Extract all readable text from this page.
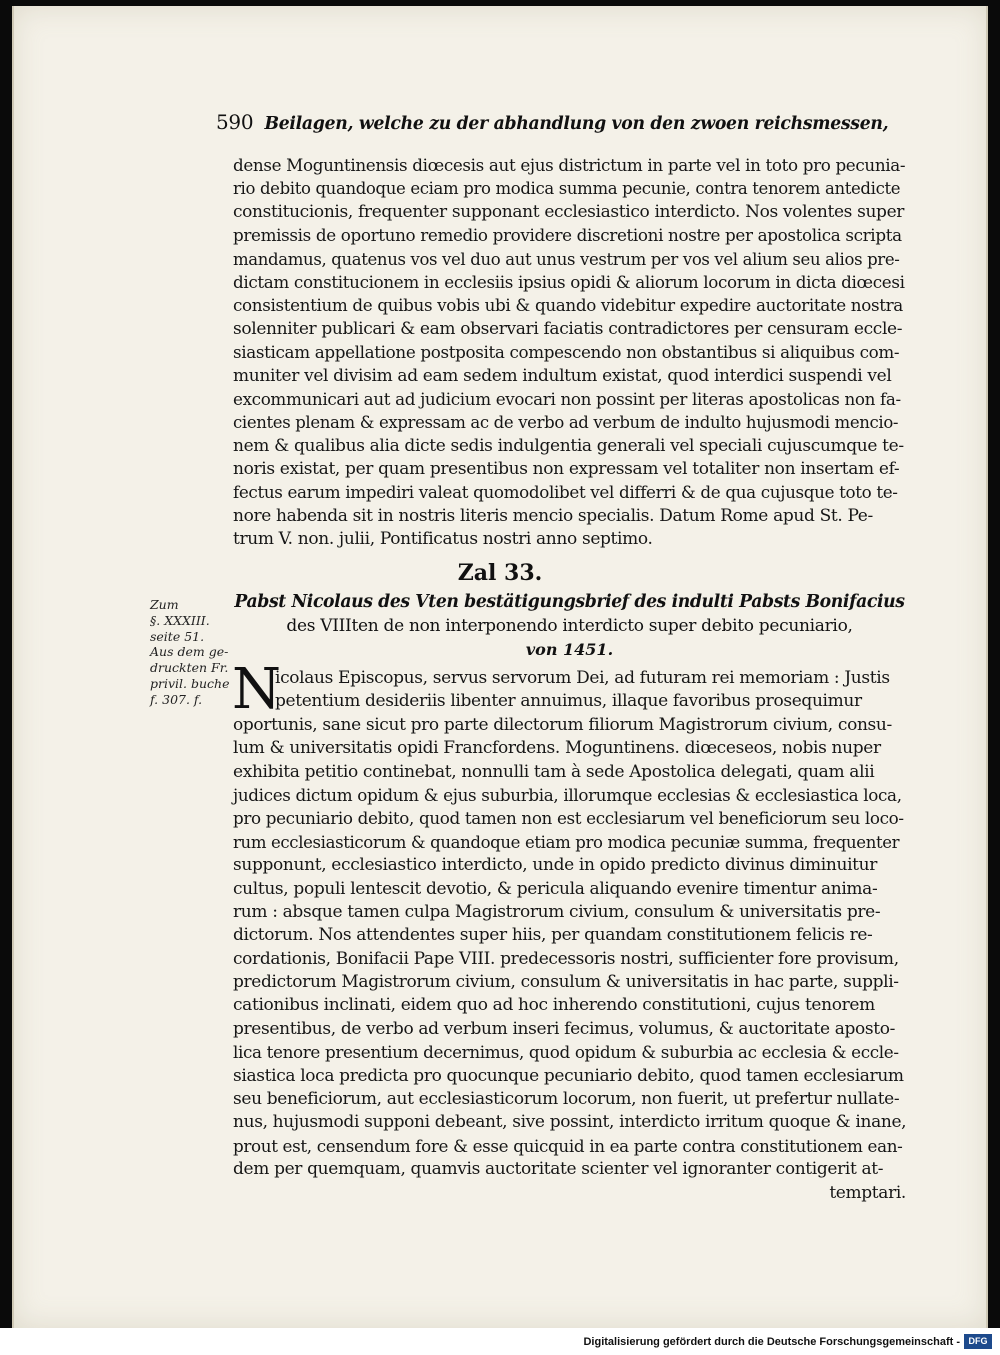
590 Beilagen, welche zu der abhandlung von den zwoen reichsmessen,
dense Moguntinensis diœcesis aut ejus districtum in parte vel in toto pro pecunia-
rio debito quandoque eciam pro modica summa pecunie, contra tenorem antedicte
constitucionis, frequenter supponant ecclesiastico interdicto. Nos volentes super
premissis de oportuno remedio providere discretioni nostre per apostolica scripta
mandamus, quatenus vos vel duo aut unus vestrum per vos vel alium seu alios pre-
dictam constitucionem in ecclesiis ipsius opidi & aliorum locorum in dicta diœcesi
consistentium de quibus vobis ubi & quando videbitur expedire auctoritate nostra
solenniter publicari & eam observari faciatis contradictores per censuram eccle-
siasticam appellatione postposita compescendo non obstantibus si aliquibus com-
muniter vel divisim ad eam sedem indultum existat, quod interdici suspendi vel
excommunicari aut ad judicium evocari non possint per literas apostolicas non fa-
cientes plenam & expressam ac de verbo ad verbum de indulto hujusmodi mencio-
nem & qualibus alia dicte sedis indulgentia generali vel speciali cujuscumque te-
noris existat, per quam presentibus non expressam vel totaliter non insertam ef-
fectus earum impediri valeat quomodolibet vel differri & de qua cujusque toto te-
nore habenda sit in nostris literis mencio specialis. Datum Rome apud St. Pe-
trum V. non. julii, Pontificatus nostri anno septimo.
Zal 33.
Pabst Nicolaus des Vten bestätigungsbrief des indulti Pabsts Bonifacius
des VIIIten de non interponendo interdicto super debito pecuniario,
von 1451.
Zum
§. XXXIII.
seite 51.
Aus dem ge-
druckten Fr.
privil. buche
f. 307. f. N
icolaus Episcopus, servus servorum Dei, ad futuram rei memoriam : Justis
petentium desideriis libenter annuimus, illaque favoribus prosequimur
oportunis, sane sicut pro parte dilectorum filiorum Magistrorum civium, consu-
lum & universitatis opidi Francfordens. Moguntinens. diœceseos, nobis nuper
exhibita petitio continebat, nonnulli tam à sede Apostolica delegati, quam alii
judices dictum opidum & ejus suburbia, illorumque ecclesias & ecclesiastica loca,
pro pecuniario debito, quod tamen non est ecclesiarum vel beneficiorum seu loco-
rum ecclesiasticorum & quandoque etiam pro modica pecuniæ summa, frequenter
supponunt, ecclesiastico interdicto, unde in opido predicto divinus diminuitur
cultus, populi lentescit devotio, & pericula aliquando evenire timentur anima-
rum : absque tamen culpa Magistrorum civium, consulum & universitatis pre-
dictorum. Nos attendentes super hiis, per quandam constitutionem felicis re-
cordationis, Bonifacii Pape VIII. predecessoris nostri, sufficienter fore provisum,
predictorum Magistrorum civium, consulum & universitatis in hac parte, suppli-
cationibus inclinati, eidem quo ad hoc inherendo constitutioni, cujus tenorem
presentibus, de verbo ad verbum inseri fecimus, volumus, & auctoritate aposto-
lica tenore presentium decernimus, quod opidum & suburbia ac ecclesia & eccle-
siastica loca predicta pro quocunque pecuniario debito, quod tamen ecclesiarum
seu beneficiorum, aut ecclesiasticorum locorum, non fuerit, ut prefertur nullate-
nus, hujusmodi supponi debeant, sive possint, interdicto irritum quoque & inane,
prout est, censendum fore & esse quicquid in ea parte contra constitutionem ean-
dem per quemquam, quamvis auctoritate scienter vel ignoranter contigerit at-
temptari.
Digitalisierung gefördert durch die Deutsche Forschungsgemeinschaft - DFG
